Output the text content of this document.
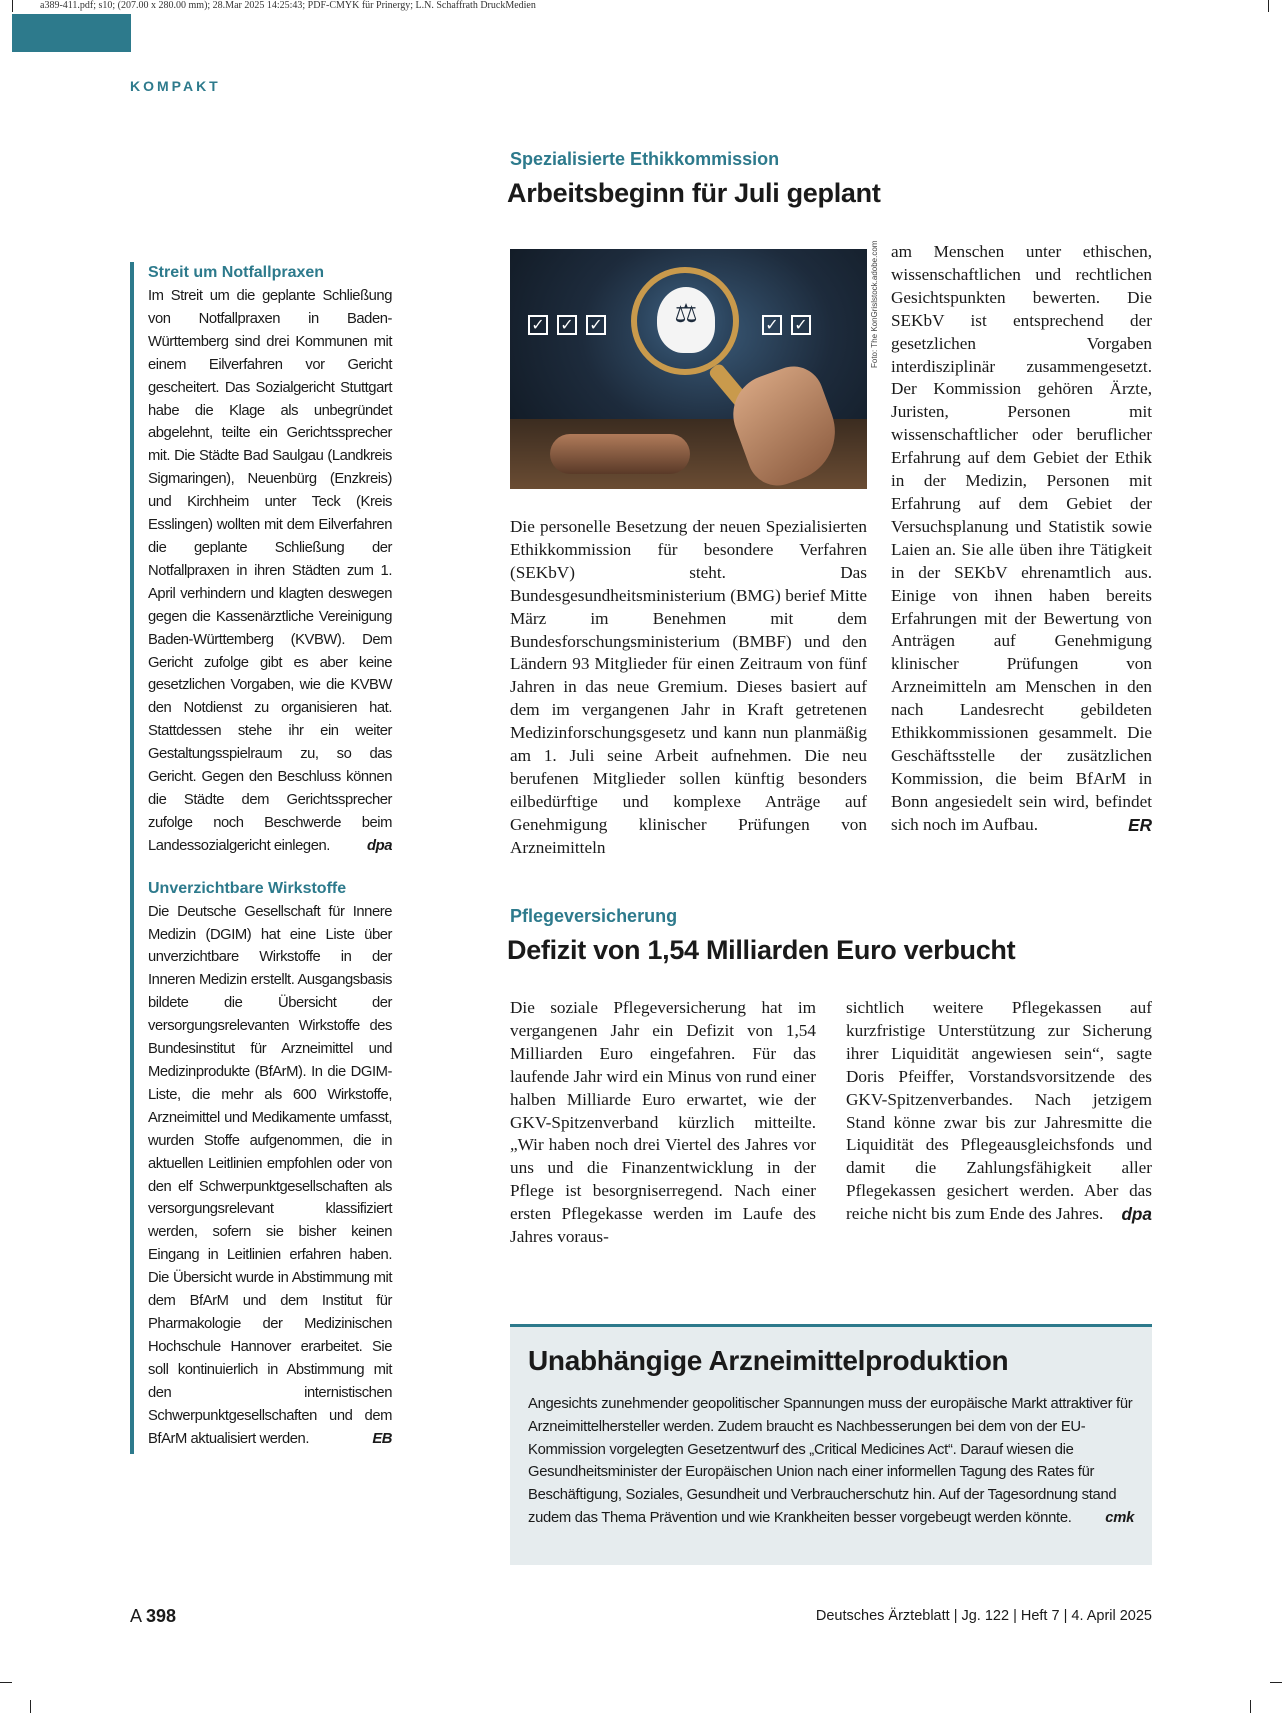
a389-411.pdf; s10; (207.00 x 280.00 mm); 28.Mar 2025 14:25:43; PDF-CMYK für Prinergy; L.N. Schaffrath DruckMedien
KOMPAKT
Streit um Notfallpraxen

Im Streit um die geplante Schließung von Notfallpraxen in Baden-Württemberg sind drei Kommunen mit einem Eilverfahren vor Gericht gescheitert. Das Sozialgericht Stuttgart habe die Klage als unbegründet abgelehnt, teilte ein Gerichtssprecher mit. Die Städte Bad Saulgau (Landkreis Sigmaringen), Neuenbürg (Enzkreis) und Kirchheim unter Teck (Kreis Esslingen) wollten mit dem Eilverfahren die geplante Schließung der Notfallpraxen in ihren Städten zum 1. April verhindern und klagten deswegen gegen die Kassenärztliche Vereinigung Baden-Württemberg (KVBW). Dem Gericht zufolge gibt es aber keine gesetzlichen Vorgaben, wie die KVBW den Notdienst zu organisieren hat. Stattdessen stehe ihr ein weiter Gestaltungsspielraum zu, so das Gericht. Gegen den Beschluss können die Städte dem Gerichtssprecher zufolge noch Beschwerde beim Landessozialgericht einlegen.	dpa

Unverzichtbare Wirkstoffe

Die Deutsche Gesellschaft für Innere Medizin (DGIM) hat eine Liste über unverzichtbare Wirkstoffe in der Inneren Medizin erstellt. Ausgangsbasis bildete die Übersicht der versorgungsrelevanten Wirkstoffe des Bundesinstitut für Arzneimittel und Medizinprodukte (BfArM). In die DGIM-Liste, die mehr als 600 Wirkstoffe, Arzneimittel und Medikamente umfasst, wurden Stoffe aufgenommen, die in aktuellen Leitlinien empfohlen oder von den elf Schwerpunktgesellschaften als versorgungsrelevant klassifiziert werden, sofern sie bisher keinen Eingang in Leitlinien erfahren haben. Die Übersicht wurde in Abstimmung mit dem BfArM und dem Institut für Pharmakologie der Medizinischen Hochschule Hannover erarbeitet. Sie soll kontinuierlich in Abstimmung mit den internistischen Schwerpunktgesellschaften und dem BfArM aktualisiert werden.	EB

Spezialisierte Ethikkommission
Arbeitsbeginn für Juli geplant
✓ ✓ ✓	✓ ✓
⚖	Foto: The KonGrislstock.adobe.com

Die personelle Besetzung der neuen Spezialisierten Ethikkommission für besondere Verfahren (SEKbV) steht. Das Bundesgesundheitsministerium (BMG) berief Mitte März im Benehmen mit dem Bundesforschungsministerium (BMBF) und den Ländern 93 Mitglieder für einen Zeitraum von fünf Jahren in das neue Gremium. Dieses basiert auf dem im vergangenen Jahr in Kraft getretenen Medizinforschungsgesetz und kann nun planmäßig am 1. Juli seine Arbeit aufnehmen. Die neu berufenen Mitglieder sollen künftig besonders eilbedürftige und komplexe Anträge auf Genehmigung klinischer Prüfungen von Arzneimitteln

am Menschen unter ethischen, wissenschaftlichen und rechtlichen Gesichtspunkten bewerten. Die SEKbV ist entsprechend der gesetzlichen Vorgaben interdisziplinär zusammengesetzt. Der Kommission gehören Ärzte, Juristen, Personen mit wissenschaftlicher oder beruflicher Erfahrung auf dem Gebiet der Ethik in der Medizin, Personen mit Erfahrung auf dem Gebiet der Versuchsplanung und Statistik sowie Laien an. Sie alle üben ihre Tätigkeit in der SEKbV ehrenamtlich aus. Einige von ihnen haben bereits Erfahrungen mit der Bewertung von Anträgen auf Genehmigung klinischer Prüfungen von Arzneimitteln am Menschen in den nach Landesrecht gebildeten Ethikkommissionen gesammelt. Die Geschäftsstelle der zusätzlichen Kommission, die beim BfArM in Bonn angesiedelt sein wird, befindet sich noch im Aufbau.	ER

Pflegeversicherung
Defizit von 1,54 Milliarden Euro verbucht

Die soziale Pflegeversicherung hat im vergangenen Jahr ein Defizit von 1,54 Milliarden Euro eingefahren. Für das laufende Jahr wird ein Minus von rund einer halben Milliarde Euro erwartet, wie der GKV-Spitzenverband kürzlich mitteilte. „Wir haben noch drei Viertel des Jahres vor uns und die Finanzentwicklung in der Pflege ist besorgniserregend. Nach einer ersten Pflegekasse werden im Laufe des Jahres voraus-

sichtlich weitere Pflegekassen auf kurzfristige Unterstützung zur Sicherung ihrer Liquidität angewiesen sein“, sagte Doris Pfeiffer, Vorstandsvorsitzende des GKV-Spitzenverbandes. Nach jetzigem Stand könne zwar bis zur Jahresmitte die Liquidität des Pflegeausgleichsfonds und damit die Zahlungsfähigkeit aller Pflegekassen gesichert werden. Aber das reiche nicht bis zum Ende des Jahres. dpa

Unabhängige Arzneimittelproduktion

Angesichts zunehmender geopolitischer Spannungen muss der europäische Markt attraktiver für Arzneimittelhersteller werden. Zudem braucht es Nachbesserungen bei dem von der EU-Kommission vorgelegten Gesetzentwurf des „Critical Medicines Act“. Darauf wiesen die Gesundheitsminister der Europäischen Union nach einer informellen Tagung des Rates für Beschäftigung, Soziales, Gesundheit und Verbraucherschutz hin. Auf der Tagesordnung stand zudem das Thema Prävention und wie Krankheiten besser vorgebeugt werden könnte. cmk

A 398	Deutsches Ärzteblatt | Jg. 122 | Heft 7 | 4. April 2025
